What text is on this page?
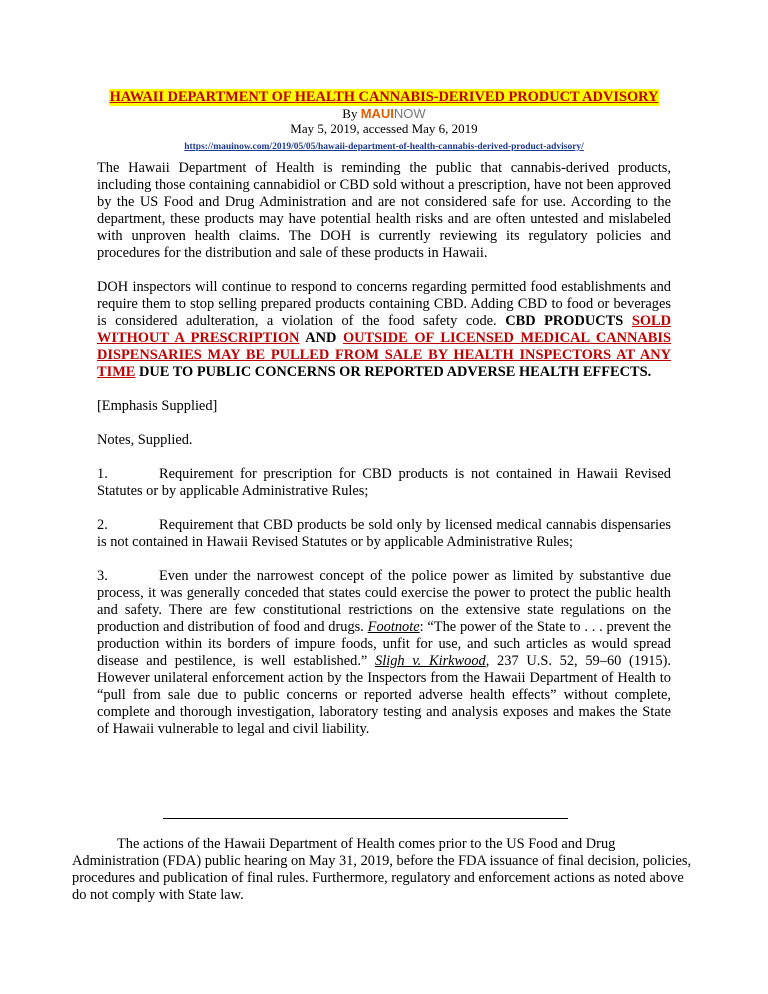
HAWAII DEPARTMENT OF HEALTH CANNABIS-DERIVED PRODUCT ADVISORY
By MAUINOW
May 5, 2019, accessed May 6, 2019
https://mauinow.com/2019/05/05/hawaii-department-of-health-cannabis-derived-product-advisory/

The Hawaii Department of Health is reminding the public that cannabis-derived products, including those containing cannabidiol or CBD sold without a prescription, have not been approved by the US Food and Drug Administration and are not considered safe for use. According to the department, these products may have potential health risks and are often untested and mislabeled with unproven health claims. The DOH is currently reviewing its regulatory policies and procedures for the distribution and sale of these products in Hawaii.

DOH inspectors will continue to respond to concerns regarding permitted food establishments and require them to stop selling prepared products containing CBD. Adding CBD to food or beverages is considered adulteration, a violation of the food safety code. CBD PRODUCTS SOLD WITHOUT A PRESCRIPTION AND OUTSIDE OF LICENSED MEDICAL CANNABIS DISPENSARIES MAY BE PULLED FROM SALE BY HEALTH INSPECTORS AT ANY TIME DUE TO PUBLIC CONCERNS OR REPORTED ADVERSE HEALTH EFFECTS.

[Emphasis Supplied]

Notes, Supplied.

1.	Requirement for prescription for CBD products is not contained in Hawaii Revised Statutes or by applicable Administrative Rules;

2.	Requirement that CBD products be sold only by licensed medical cannabis dispensaries is not contained in Hawaii Revised Statutes or by applicable Administrative Rules;

3.	Even under the narrowest concept of the police power as limited by substantive due process, it was generally conceded that states could exercise the power to protect the public health and safety. There are few constitutional restrictions on the extensive state regulations on the production and distribution of food and drugs. Footnote: “The power of the State to . . . prevent the production within its borders of impure foods, unfit for use, and such articles as would spread disease and pestilence, is well established.” Sligh v. Kirkwood, 237 U.S. 52, 59–60 (1915). However unilateral enforcement action by the Inspectors from the Hawaii Department of Health to “pull from sale due to public concerns or reported adverse health effects” without complete, complete and thorough investigation, laboratory testing and analysis exposes and makes the State of Hawaii vulnerable to legal and civil liability.

The actions of the Hawaii Department of Health comes prior to the US Food and Drug Administration (FDA) public hearing on May 31, 2019, before the FDA issuance of final decision, policies, procedures and publication of final rules. Furthermore, regulatory and enforcement actions as noted above do not comply with State law.
